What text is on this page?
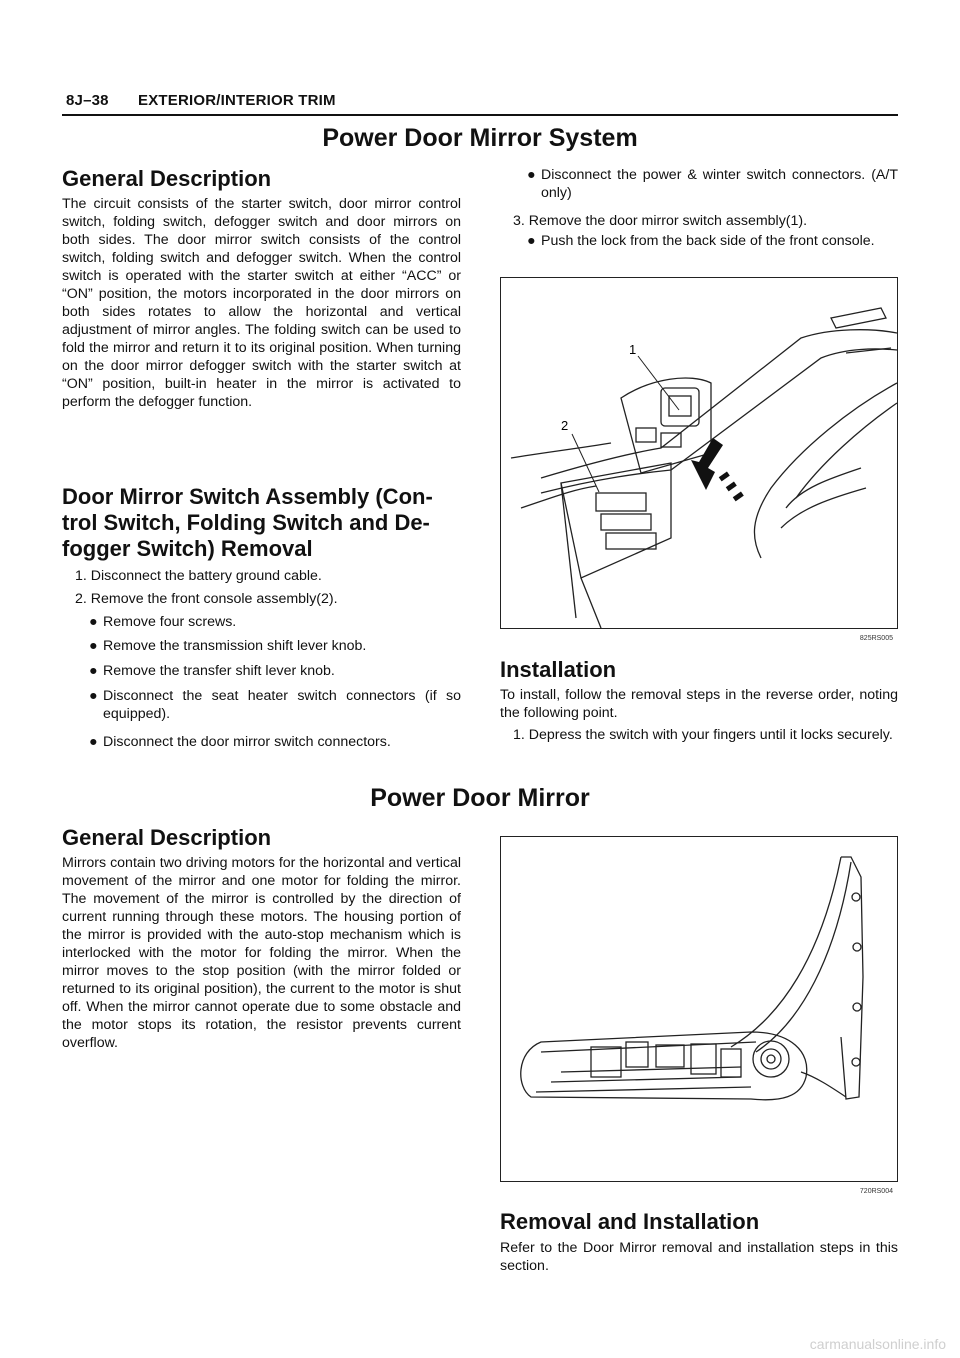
8J–38 EXTERIOR/INTERIOR TRIM
Power Door Mirror System
General Description

The circuit consists of the starter switch, door mirror control switch, folding switch, defogger switch and door mirrors on both sides. The door mirror switch consists of the control switch, folding switch and defogger switch. When the control switch is operated with the starter switch at either “ACC” or “ON” position, the motors incorporated in the door mirrors on both sides rotates to allow the horizontal and vertical adjustment of mirror angles. The folding switch can be used to fold the mirror and return it to its original position. When turning on the door mirror defogger switch with the starter switch at “ON” position, built-in heater in the mirror is activated to perform the defogger function.

Door Mirror Switch Assembly (Con-
trol Switch, Folding Switch and De-
fogger Switch) Removal
1. Disconnect the battery ground cable.
2. Remove the front console assembly(2).
● Remove four screws.
● Remove the transmission shift lever knob.
● Remove the transfer shift lever knob.
● Disconnect the seat heater switch connectors (if so equipped).
● Disconnect the door mirror switch connectors.
● Disconnect the power & winter switch connectors. (A/T only)
3. Remove the door mirror switch assembly(1).
● Push the lock from the back side of the front console.
1
2
825RS005
Installation

To install, follow the removal steps in the reverse order, noting the following point.

1. Depress the switch with your fingers until it locks securely.
Power Door Mirror
General Description

Mirrors contain two driving motors for the horizontal and vertical movement of the mirror and one motor for folding the mirror. The movement of the mirror is controlled by the direction of current running through these motors. The housing portion of the mirror is provided with the auto-stop mechanism which is interlocked with the motor for folding the mirror. When the mirror moves to the stop position (with the mirror folded or returned to its original position), the current to the motor is shut off. When the mirror cannot operate due to some obstacle and the motor stops its rotation, the resistor prevents current overflow.

720RS004
Removal and Installation

Refer to the Door Mirror removal and installation steps in this section.

carmanualsonline.info
